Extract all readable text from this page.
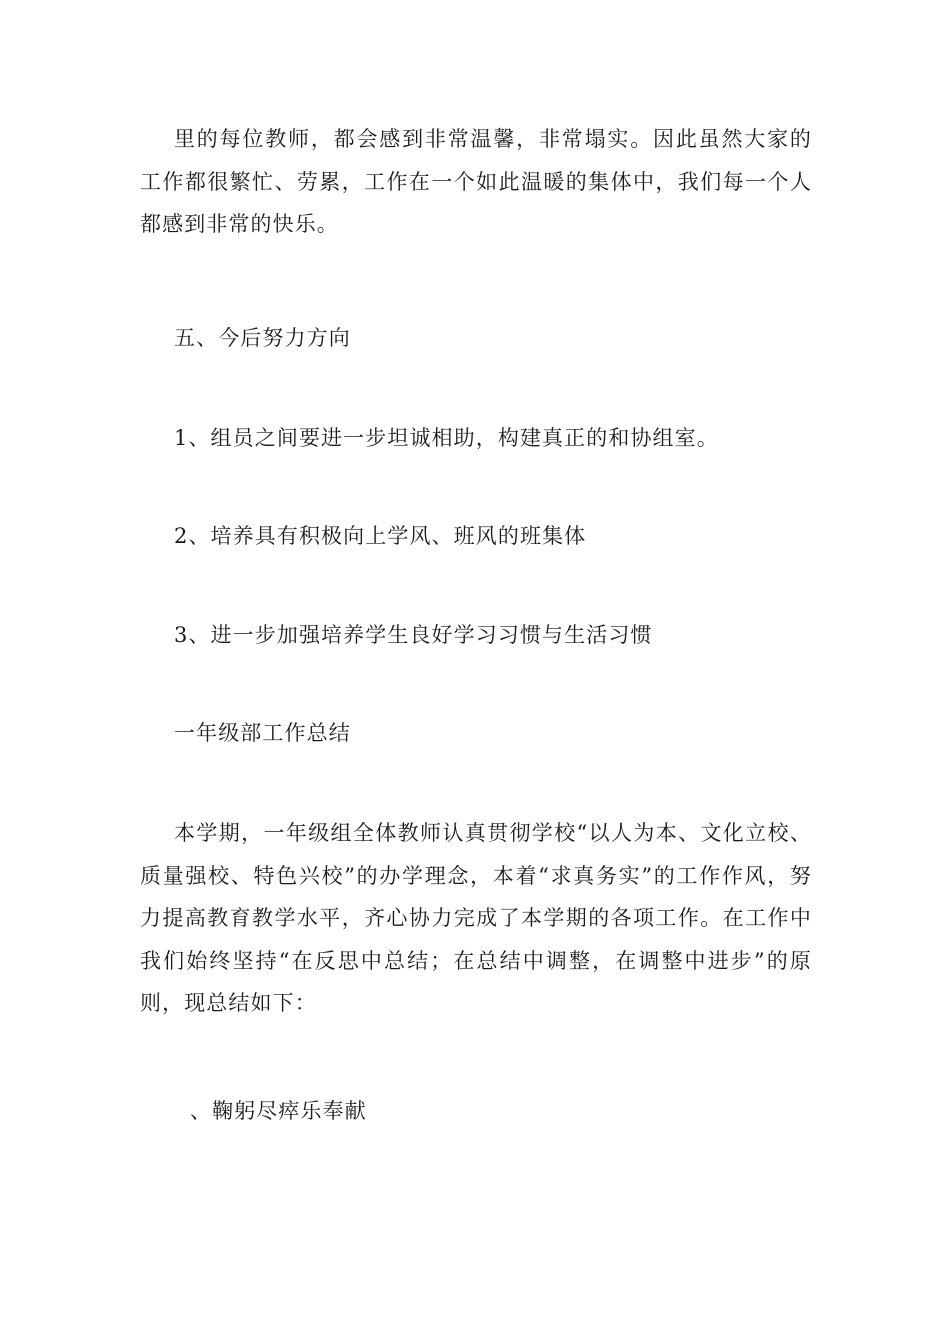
里的每位教师，都会感到非常温馨，非常塌实。因此虽然大家的工作都很繁忙、劳累，工作在一个如此温暖的集体中，我们每一个人都感到非常的快乐。

五、今后努力方向

1、组员之间要进一步坦诚相助，构建真正的和协组室。

2、培养具有积极向上学风、班风的班集体

3、进一步加强培养学生良好学习习惯与生活习惯

一年级部工作总结

本学期，一年级组全体教师认真贯彻学校“以人为本、文化立校、质量强校、特色兴校”的办学理念，本着“求真务实”的工作作风，努力提高教育教学水平，齐心协力完成了本学期的各项工作。在工作中我们始终坚持“在反思中总结；在总结中调整，在调整中进步”的原则，现总结如下：

、鞠躬尽瘁乐奉献
